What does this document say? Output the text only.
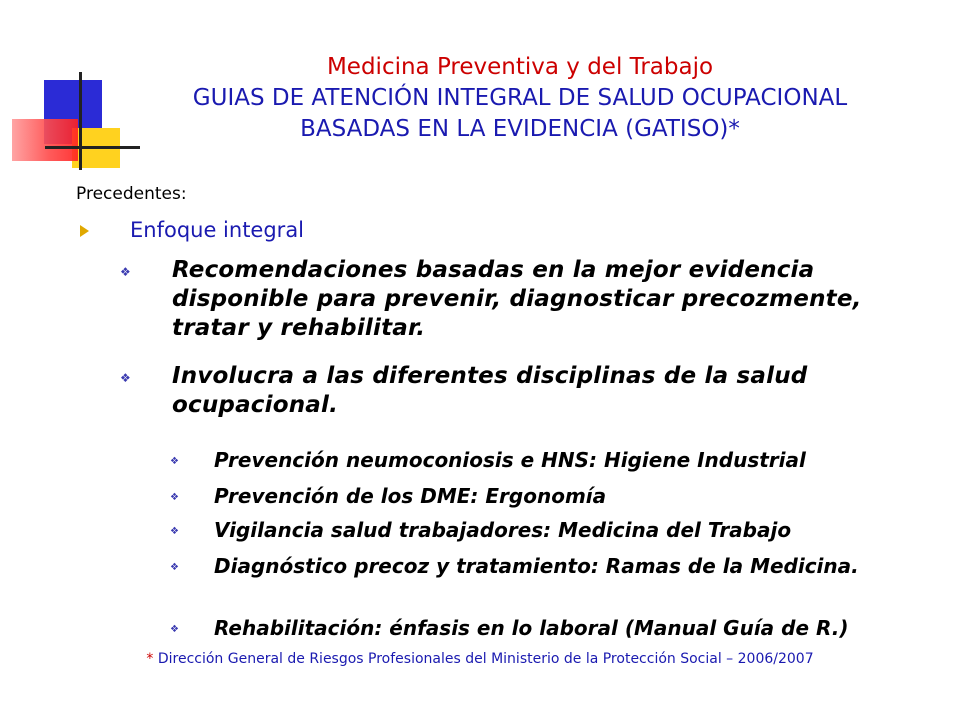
Medicina Preventiva y del Trabajo
GUIAS DE ATENCIÓN INTEGRAL DE SALUD OCUPACIONAL
BASADAS EN LA EVIDENCIA (GATISO)*
Precedentes:
Enfoque integral
❖ Recomendaciones basadas en la mejor evidencia disponible para prevenir, diagnosticar precozmente, tratar y rehabilitar.
❖ Involucra a las diferentes disciplinas de la salud ocupacional.
❖ Prevención neumoconiosis e HNS: Higiene Industrial
❖ Prevención de los DME: Ergonomía
❖ Vigilancia salud trabajadores: Medicina del Trabajo
❖ Diagnóstico precoz y tratamiento: Ramas de la Medicina.
❖ Rehabilitación: énfasis en lo laboral (Manual Guía de R.)
* Dirección General de Riesgos Profesionales del Ministerio de la Protección Social – 2006/2007
